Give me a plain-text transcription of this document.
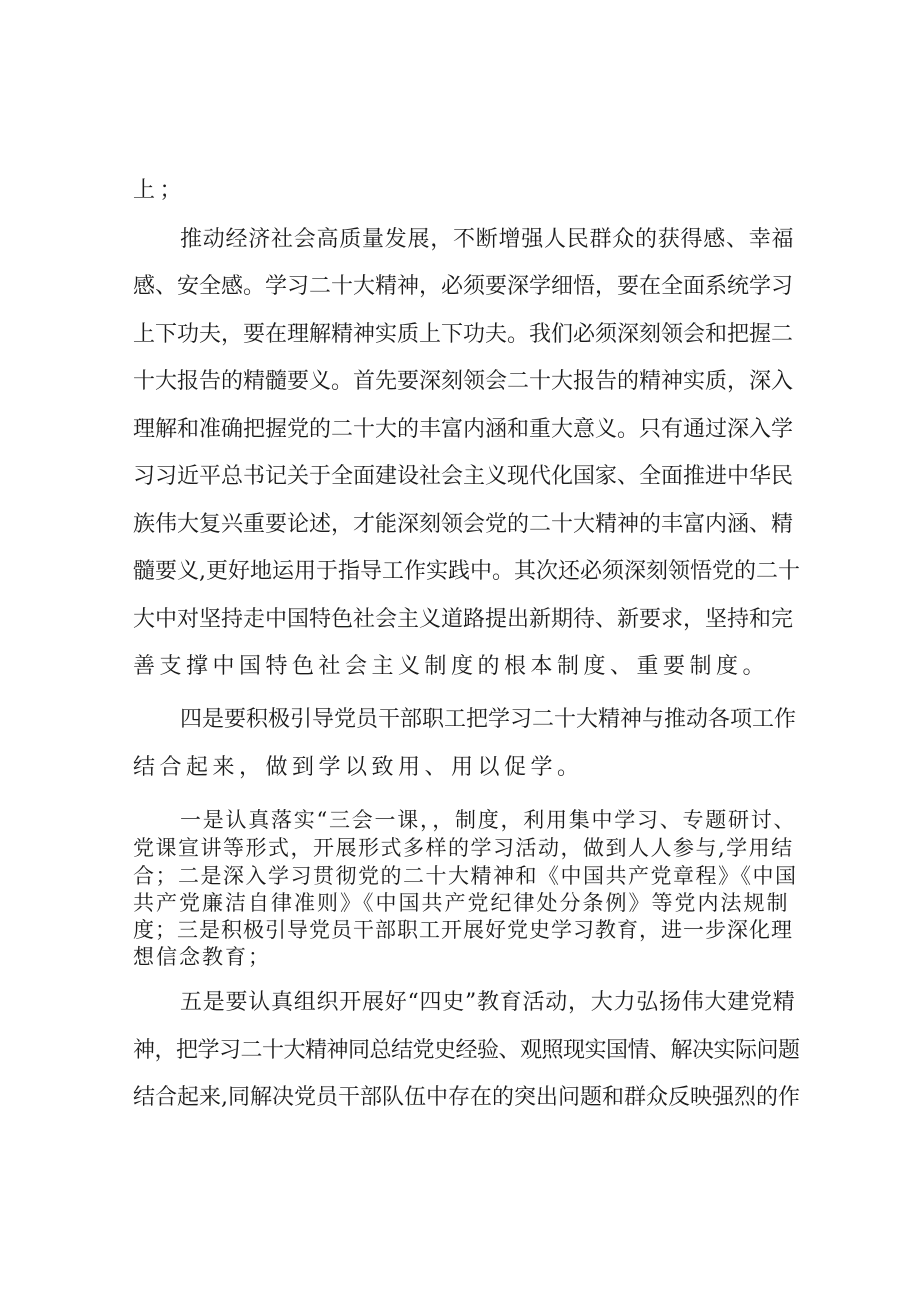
上；
推动经济社会高质量发展，不断增强人民群众的获得感、幸福
感、安全感。学习二十大精神，必须要深学细悟，要在全面系统学习
上下功夫，要在理解精神实质上下功夫。我们必须深刻领会和把握二
十大报告的精髓要义。首先要深刻领会二十大报告的精神实质，深入
理解和准确把握党的二十大的丰富内涵和重大意义。只有通过深入学
习习近平总书记关于全面建设社会主义现代化国家、全面推进中华民
族伟大复兴重要论述，才能深刻领会党的二十大精神的丰富内涵、精
髓要义,更好地运用于指导工作实践中。其次还必须深刻领悟党的二十
大中对坚持走中国特色社会主义道路提出新期待、新要求，坚持和完
善支撑中国特色社会主义制度的根本制度、重要制度。
四是要积极引导党员干部职工把学习二十大精神与推动各项工作
结合起来，做到学以致用、用以促学。
一是认真落实“三会一课，，制度，利用集中学习、专题研讨、
党课宣讲等形式，开展形式多样的学习活动，做到人人参与,学用结
合；二是深入学习贯彻党的二十大精神和《中国共产党章程》《中国
共产党廉洁自律准则》《中国共产党纪律处分条例》等党内法规制
度；三是积极引导党员干部职工开展好党史学习教育，进一步深化理
想信念教育；
五是要认真组织开展好“四史”教育活动，大力弘扬伟大建党精
神，把学习二十大精神同总结党史经验、观照现实国情、解决实际问题
结合起来,同解决党员干部队伍中存在的突出问题和群众反映强烈的作
